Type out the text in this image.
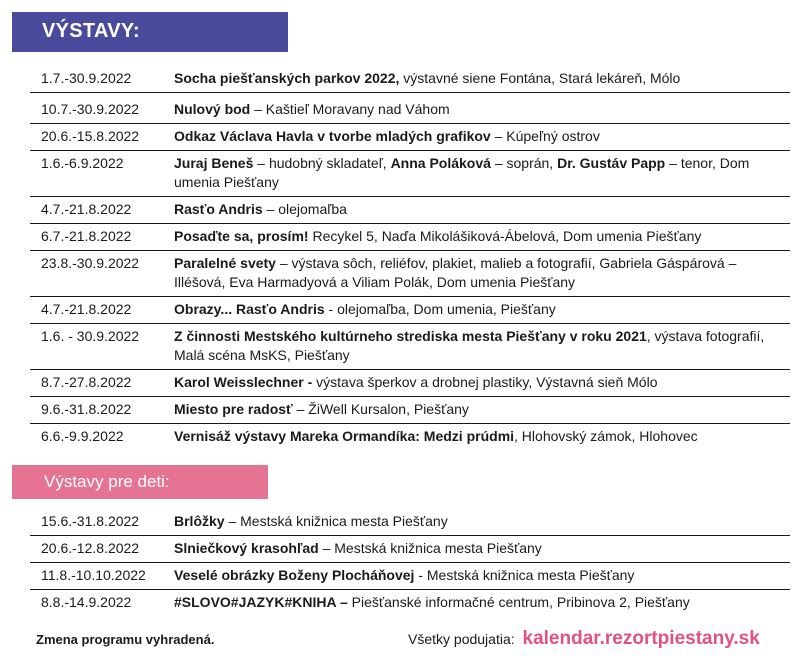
VÝSTAVY:
1.7.-30.9.2022	Socha piešťanských parkov 2022, výstavné siene Fontána, Stará lekáreň, Mólo
10.7.-30.9.2022	Nulový bod – Kaštieľ Moravany nad Váhom
20.6.-15.8.2022	Odkaz Václava Havla v tvorbe mladých grafikov – Kúpeľný ostrov
1.6.-6.9.2022	Juraj Beneš – hudobný skladateľ, Anna Poláková – soprán, Dr. Gustáv Papp – tenor, Dom umenia Piešťany
4.7.-21.8.2022	Rasťo Andris – olejomaľba
6.7.-21.8.2022	Posaďte sa, prosím! Recykel 5, Naďa Mikolášiková-Ábelová, Dom umenia Piešťany
23.8.-30.9.2022	Paralelné svety – výstava sôch, reliéfov, plakiet, malieb a fotografií, Gabriela Gáspárová – Illéšová, Eva Harmadyová a Viliam Polák, Dom umenia Piešťany
4.7.-21.8.2022	Obrazy... Rasťo Andris - olejomaľba, Dom umenia, Piešťany
1.6. - 30.9.2022	Z činnosti Mestského kultúrneho strediska mesta Piešťany v roku 2021, výstava fotografií, Malá scéna MsKS, Piešťany
8.7.-27.8.2022	Karol Weisslechner - výstava šperkov a drobnej plastiky, Výstavná sieň Mólo
9.6.-31.8.2022	Miesto pre radosť – ŽiWell Kursalon, Piešťany
6.6.-9.9.2022	Vernisáž výstavy Mareka Ormandíka: Medzi prúdmi, Hlohovský zámok, Hlohovec
Výstavy pre deti:
15.6.-31.8.2022	Brlôžky – Mestská knižnica mesta Piešťany
20.6.-12.8.2022	Slniečkový krasohľad – Mestská knižnica mesta Piešťany
11.8.-10.10.2022	Veselé obrázky Boženy Plocháňovej - Mestská knižnica mesta Piešťany
8.8.-14.9.2022	#SLOVO#JAZYK#KNIHA – Piešťanské informačné centrum, Pribinova 2, Piešťany
Zmena programu vyhradená.	Všetky podujatia: kalendar.rezortpiestany.sk
